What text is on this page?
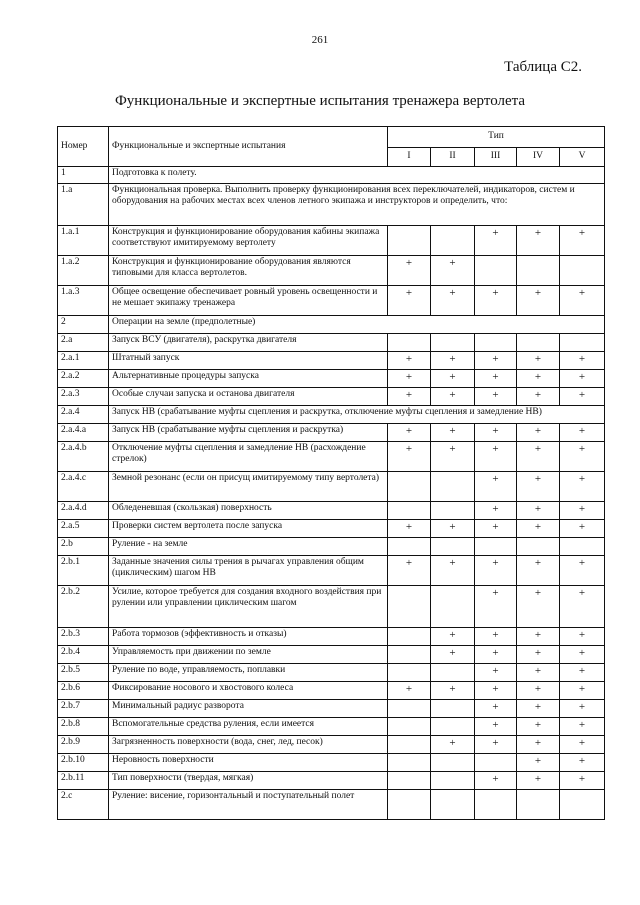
261
Таблица С2.
Функциональные и экспертные испытания тренажера вертолета
Номер	Функциональные и экспертные испытания	Тип				
		I	II	III	IV	V
1	Подготовка к полету.					
1.a	Функциональная проверка. Выполнить проверку функционирования всех переключателей, индикаторов, систем и оборудования на рабочих местах всех членов летного экипажа и инструкторов и определить, что:					
1.a.1	Конструкция и функционирование оборудования кабины экипажа соответствуют имитируемому вертолету			+	+	+
1.a.2	Конструкция и функционирование оборудования являются типовыми для класса вертолетов.	+	+			
1.a.3	Общее освещение обеспечивает ровный уровень освещенности и не мешает экипажу тренажера	+	+	+	+	+
2	Операции на земле (предполетные)					
2.a	Запуск ВСУ (двигателя), раскрутка двигателя					
2.a.1	Штатный запуск	+	+	+	+	+
2.a.2	Альтернативные процедуры запуска	+	+	+	+	+
2.a.3	Особые случаи запуска и останова двигателя	+	+	+	+	+
2.a.4	Запуск НВ (срабатывание муфты сцепления и раскрутка, отключение муфты сцепления и замедление НВ)					
2.a.4.a	Запуск НВ (срабатывание муфты сцепления и раскрутка)	+	+	+	+	+
2.a.4.b	Отключение муфты сцепления и замедление НВ (расхождение стрелок)	+	+	+	+	+
2.a.4.c	Земной резонанс (если он присущ имитируемому типу вертолета)			+	+	+
2.a.4.d	Обледеневшая (скользкая) поверхность			+	+	+
2.a.5	Проверки систем вертолета после запуска	+	+	+	+	+
2.b	Руление - на земле					
2.b.1	Заданные значения силы трения в рычагах управления общим (циклическим) шагом НВ	+	+	+	+	+
2.b.2	Усилие, которое требуется для создания входного воздействия при рулении или управлении циклическим шагом			+	+	+
2.b.3	Работа тормозов (эффективность и отказы)		+	+	+	+
2.b.4	Управляемость при движении по земле		+	+	+	+
2.b.5	Руление по воде, управляемость, поплавки			+	+	+
2.b.6	Фиксирование носового и хвостового колеса	+	+	+	+	+
2.b.7	Минимальный радиус разворота			+	+	+
2.b.8	Вспомогательные средства руления, если имеется			+	+	+
2.b.9	Загрязненность поверхности (вода, снег, лед, песок)		+	+	+	+
2.b.10	Неровность поверхности				+	+
2.b.11	Тип поверхности (твердая, мягкая)			+	+	+
2.c	Руление: висение, горизонтальный и поступательный полет					
